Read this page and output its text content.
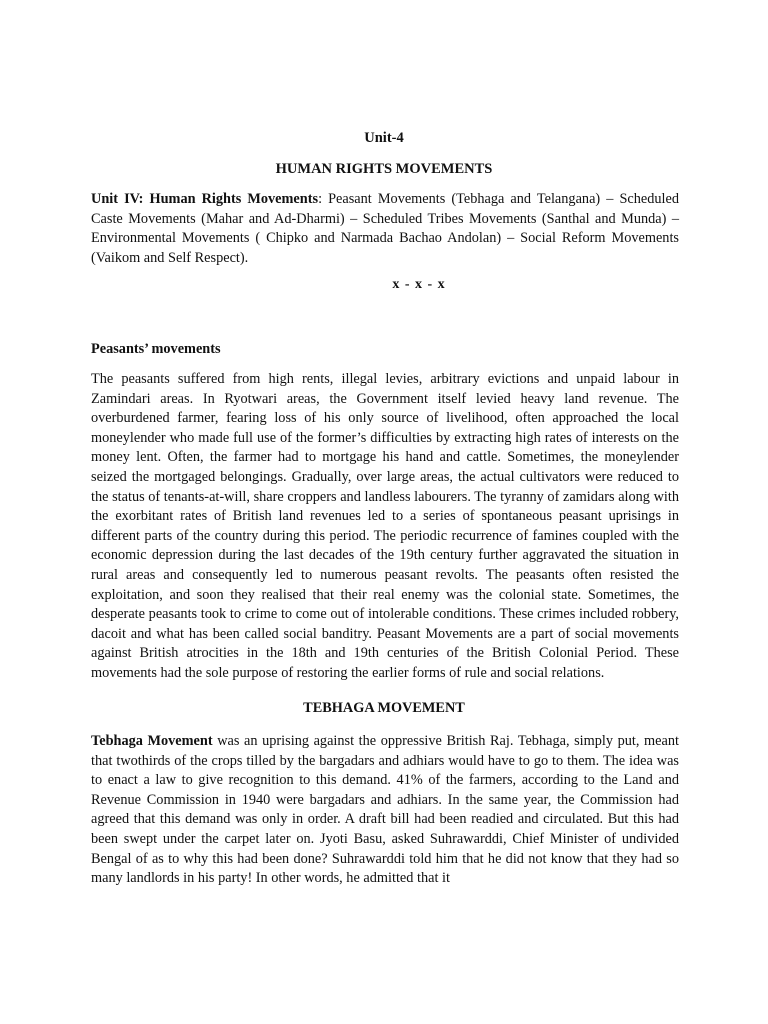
Unit-4
HUMAN RIGHTS MOVEMENTS

Unit IV: Human Rights Movements: Peasant Movements (Tebhaga and Telangana) – Scheduled Caste Movements (Mahar and Ad-Dharmi) – Scheduled Tribes Movements (Santhal and Munda) – Environmental Movements ( Chipko and Narmada Bachao Andolan) – Social Reform Movements (Vaikom and Self Respect).

x - x - x
Peasants’ movements

The peasants suffered from high rents, illegal levies, arbitrary evictions and unpaid labour in Zamindari areas. In Ryotwari areas, the Government itself levied heavy land revenue. The overburdened farmer, fearing loss of his only source of livelihood, often approached the local moneylender who made full use of the former’s difficulties by extracting high rates of interests on the money lent. Often, the farmer had to mortgage his hand and cattle. Sometimes, the moneylender seized the mortgaged belongings. Gradually, over large areas, the actual cultivators were reduced to the status of tenants-at-will, share croppers and landless labourers. The tyranny of zamidars along with the exorbitant rates of British land revenues led to a series of spontaneous peasant uprisings in different parts of the country during this period. The periodic recurrence of famines coupled with the economic depression during the last decades of the 19th century further aggravated the situation in rural areas and consequently led to numerous peasant revolts. The peasants often resisted the exploitation, and soon they realised that their real enemy was the colonial state. Sometimes, the desperate peasants took to crime to come out of intolerable conditions. These crimes included robbery, dacoit and what has been called social banditry. Peasant Movements are a part of social movements against British atrocities in the 18th and 19th centuries of the British Colonial Period. These movements had the sole purpose of restoring the earlier forms of rule and social relations.

TEBHAGA MOVEMENT

Tebhaga Movement was an uprising against the oppressive British Raj. Tebhaga, simply put, meant that twothirds of the crops tilled by the bargadars and adhiars would have to go to them. The idea was to enact a law to give recognition to this demand. 41% of the farmers, according to the Land and Revenue Commission in 1940 were bargadars and adhiars. In the same year, the Commission had agreed that this demand was only in order. A draft bill had been readied and circulated. But this had been swept under the carpet later on. Jyoti Basu, asked Suhrawarddi, Chief Minister of undivided Bengal of as to why this had been done? Suhrawarddi told him that he did not know that they had so many landlords in his party! In other words, he admitted that it
